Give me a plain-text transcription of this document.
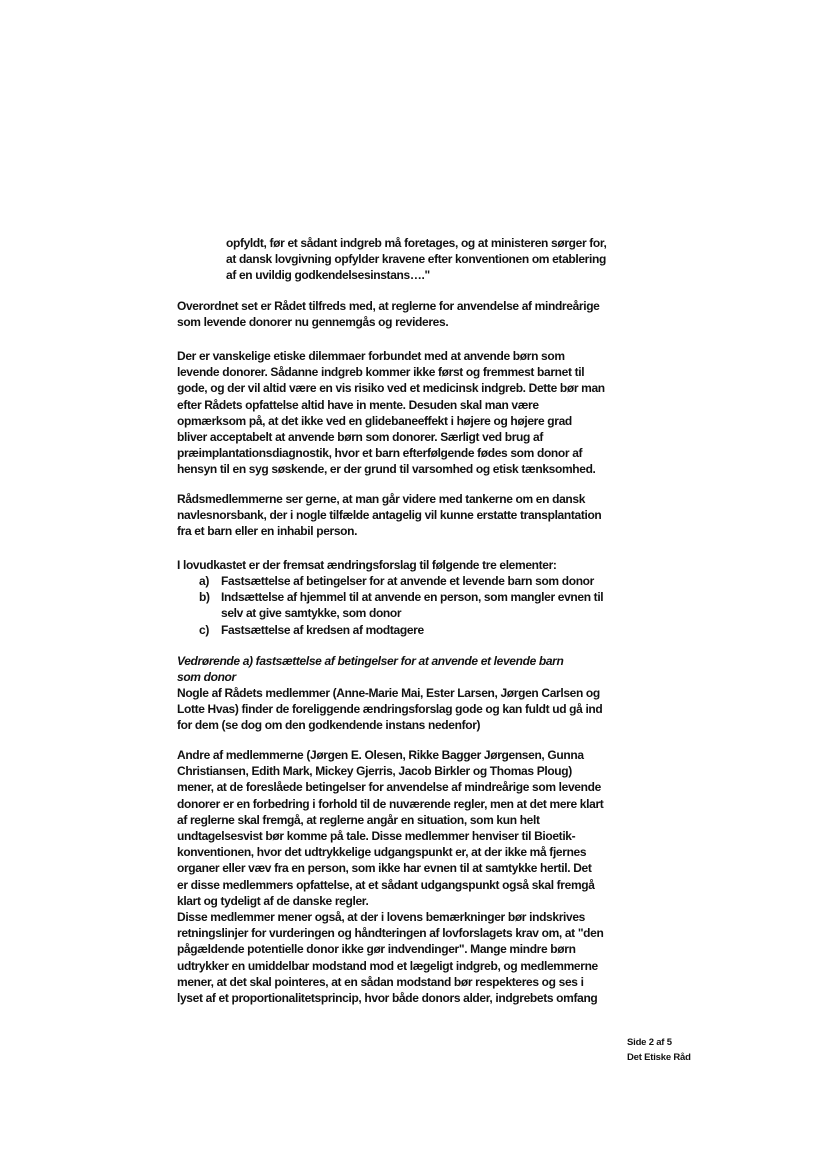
opfyldt, før et sådant indgreb må foretages, og at ministeren sørger for,
at dansk lovgivning opfylder kravene efter konventionen om etablering
af en uvildig godkendelsesinstans…."
Overordnet set er Rådet tilfreds med, at reglerne for anvendelse af mindreårige
som levende donorer nu gennemgås og revideres.
Der er vanskelige etiske dilemmaer forbundet med at anvende børn som
levende donorer. Sådanne indgreb kommer ikke først og fremmest barnet til
gode, og der vil altid være en vis risiko ved et medicinsk indgreb. Dette bør man
efter Rådets opfattelse altid have in mente. Desuden skal man være
opmærksom på, at det ikke ved en glidebaneeffekt i højere og højere grad
bliver acceptabelt at anvende børn som donorer. Særligt ved brug af
præimplantationsdiagnostik, hvor et barn efterfølgende fødes som donor af
hensyn til en syg søskende, er der grund til varsomhed og etisk tænksomhed.
Rådsmedlemmerne ser gerne, at man går videre med tankerne om en dansk
navlesnorsbank, der i nogle tilfælde antagelig vil kunne erstatte transplantation
fra et barn eller en inhabil person.
I lovudkastet er der fremsat ændringsforslag til følgende tre elementer:
a)	Fastsættelse af betingelser for at anvende et levende barn som donor
b) Indsættelse af hjemmel til at anvende en person, som mangler evnen til
selv at give samtykke, som donor
c)	Fastsættelse af kredsen af modtagere
Vedrørende a) fastsættelse af betingelser for at anvende et levende barn
som donor
Nogle af Rådets medlemmer (Anne-Marie Mai, Ester Larsen, Jørgen Carlsen og
Lotte Hvas) finder de foreliggende ændringsforslag gode og kan fuldt ud gå ind
for dem (se dog om den godkendende instans nedenfor)
Andre af medlemmerne (Jørgen E. Olesen, Rikke Bagger Jørgensen, Gunna
Christiansen, Edith Mark, Mickey Gjerris, Jacob Birkler og Thomas Ploug)
mener, at de foreslåede betingelser for anvendelse af mindreårige som levende
donorer er en forbedring i forhold til de nuværende regler, men at det mere klart
af reglerne skal fremgå, at reglerne angår en situation, som kun helt
undtagelsesvist bør komme på tale. Disse medlemmer henviser til Bioetik-
konventionen, hvor det udtrykkelige udgangspunkt er, at der ikke må fjernes
organer eller væv fra en person, som ikke har evnen til at samtykke hertil. Det
er disse medlemmers opfattelse, at et sådant udgangspunkt også skal fremgå
klart og tydeligt af de danske regler.
Disse medlemmer mener også, at der i lovens bemærkninger bør indskrives
retningslinjer for vurderingen og håndteringen af lovforslagets krav om, at "den
pågældende potentielle donor ikke gør indvendinger". Mange mindre børn
udtrykker en umiddelbar modstand mod et lægeligt indgreb, og medlemmerne
mener, at det skal pointeres, at en sådan modstand bør respekteres og ses i
lyset af et proportionalitetsprincip, hvor både donors alder, indgrebets omfang
Side 2 af 5
Det Etiske Råd
